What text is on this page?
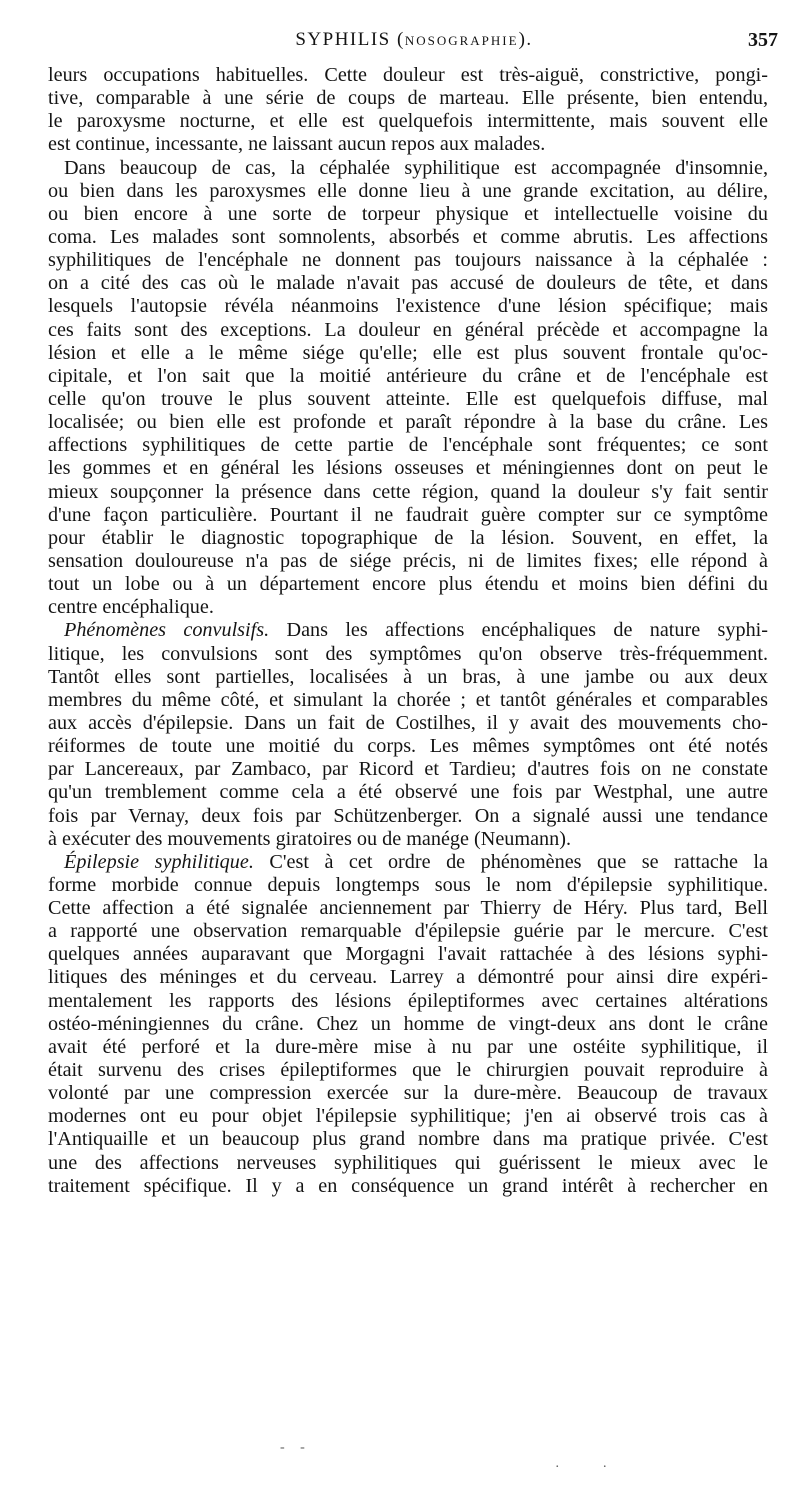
SYPHILIS (NOSOGRAPHIE).	357
leurs occupations habituelles. Cette douleur est très-aiguë, constrictive, pongi-
tive, comparable à une série de coups de marteau. Elle présente, bien entendu,
le paroxysme nocturne, et elle est quelquefois intermittente, mais souvent elle
est continue, incessante, ne laissant aucun repos aux malades.
Dans beaucoup de cas, la céphalée syphilitique est accompagnée d'insomnie,
ou bien dans les paroxysmes elle donne lieu à une grande excitation, au délire,
ou bien encore à une sorte de torpeur physique et intellectuelle voisine du
coma. Les malades sont somnolents, absorbés et comme abrutis. Les affections
syphilitiques de l'encéphale ne donnent pas toujours naissance à la céphalée :
on a cité des cas où le malade n'avait pas accusé de douleurs de tête, et dans
lesquels l'autopsie révéla néanmoins l'existence d'une lésion spécifique; mais
ces faits sont des exceptions. La douleur en général précède et accompagne la
lésion et elle a le même siége qu'elle; elle est plus souvent frontale qu'oc-
cipitale, et l'on sait que la moitié antérieure du crâne et de l'encéphale est
celle qu'on trouve le plus souvent atteinte. Elle est quelquefois diffuse, mal
localisée; ou bien elle est profonde et paraît répondre à la base du crâne. Les
affections syphilitiques de cette partie de l'encéphale sont fréquentes; ce sont
les gommes et en général les lésions osseuses et méningiennes dont on peut le
mieux soupçonner la présence dans cette région, quand la douleur s'y fait sentir
d'une façon particulière. Pourtant il ne faudrait guère compter sur ce symptôme
pour établir le diagnostic topographique de la lésion. Souvent, en effet, la
sensation douloureuse n'a pas de siége précis, ni de limites fixes; elle répond à
tout un lobe ou à un département encore plus étendu et moins bien défini du
centre encéphalique.
Phénomènes convulsifs. Dans les affections encéphaliques de nature syphi-
litique, les convulsions sont des symptômes qu'on observe très-fréquemment.
Tantôt elles sont partielles, localisées à un bras, à une jambe ou aux deux
membres du même côté, et simulant la chorée ; et tantôt générales et comparables
aux accès d'épilepsie. Dans un fait de Costilhes, il y avait des mouvements cho-
réiformes de toute une moitié du corps. Les mêmes symptômes ont été notés
par Lancereaux, par Zambaco, par Ricord et Tardieu; d'autres fois on ne constate
qu'un tremblement comme cela a été observé une fois par Westphal, une autre
fois par Vernay, deux fois par Schützenberger. On a signalé aussi une tendance
à exécuter des mouvements giratoires ou de manége (Neumann).
Épilepsie syphilitique. C'est à cet ordre de phénomènes que se rattache la
forme morbide connue depuis longtemps sous le nom d'épilepsie syphilitique.
Cette affection a été signalée anciennement par Thierry de Héry. Plus tard, Bell
a rapporté une observation remarquable d'épilepsie guérie par le mercure. C'est
quelques années auparavant que Morgagni l'avait rattachée à des lésions syphi-
litiques des méninges et du cerveau. Larrey a démontré pour ainsi dire expéri-
mentalement les rapports des lésions épileptiformes avec certaines altérations
ostéo-méningiennes du crâne. Chez un homme de vingt-deux ans dont le crâne
avait été perforé et la dure-mère mise à nu par une ostéite syphilitique, il
était survenu des crises épileptiformes que le chirurgien pouvait reproduire à
volonté par une compression exercée sur la dure-mère. Beaucoup de travaux
modernes ont eu pour objet l'épilepsie syphilitique; j'en ai observé trois cas à
l'Antiquaille et un beaucoup plus grand nombre dans ma pratique privée. C'est
une des affections nerveuses syphilitiques qui guérissent le mieux avec le
traitement spécifique. Il y a en conséquence un grand intérêt à rechercher en
- -                             .    .
